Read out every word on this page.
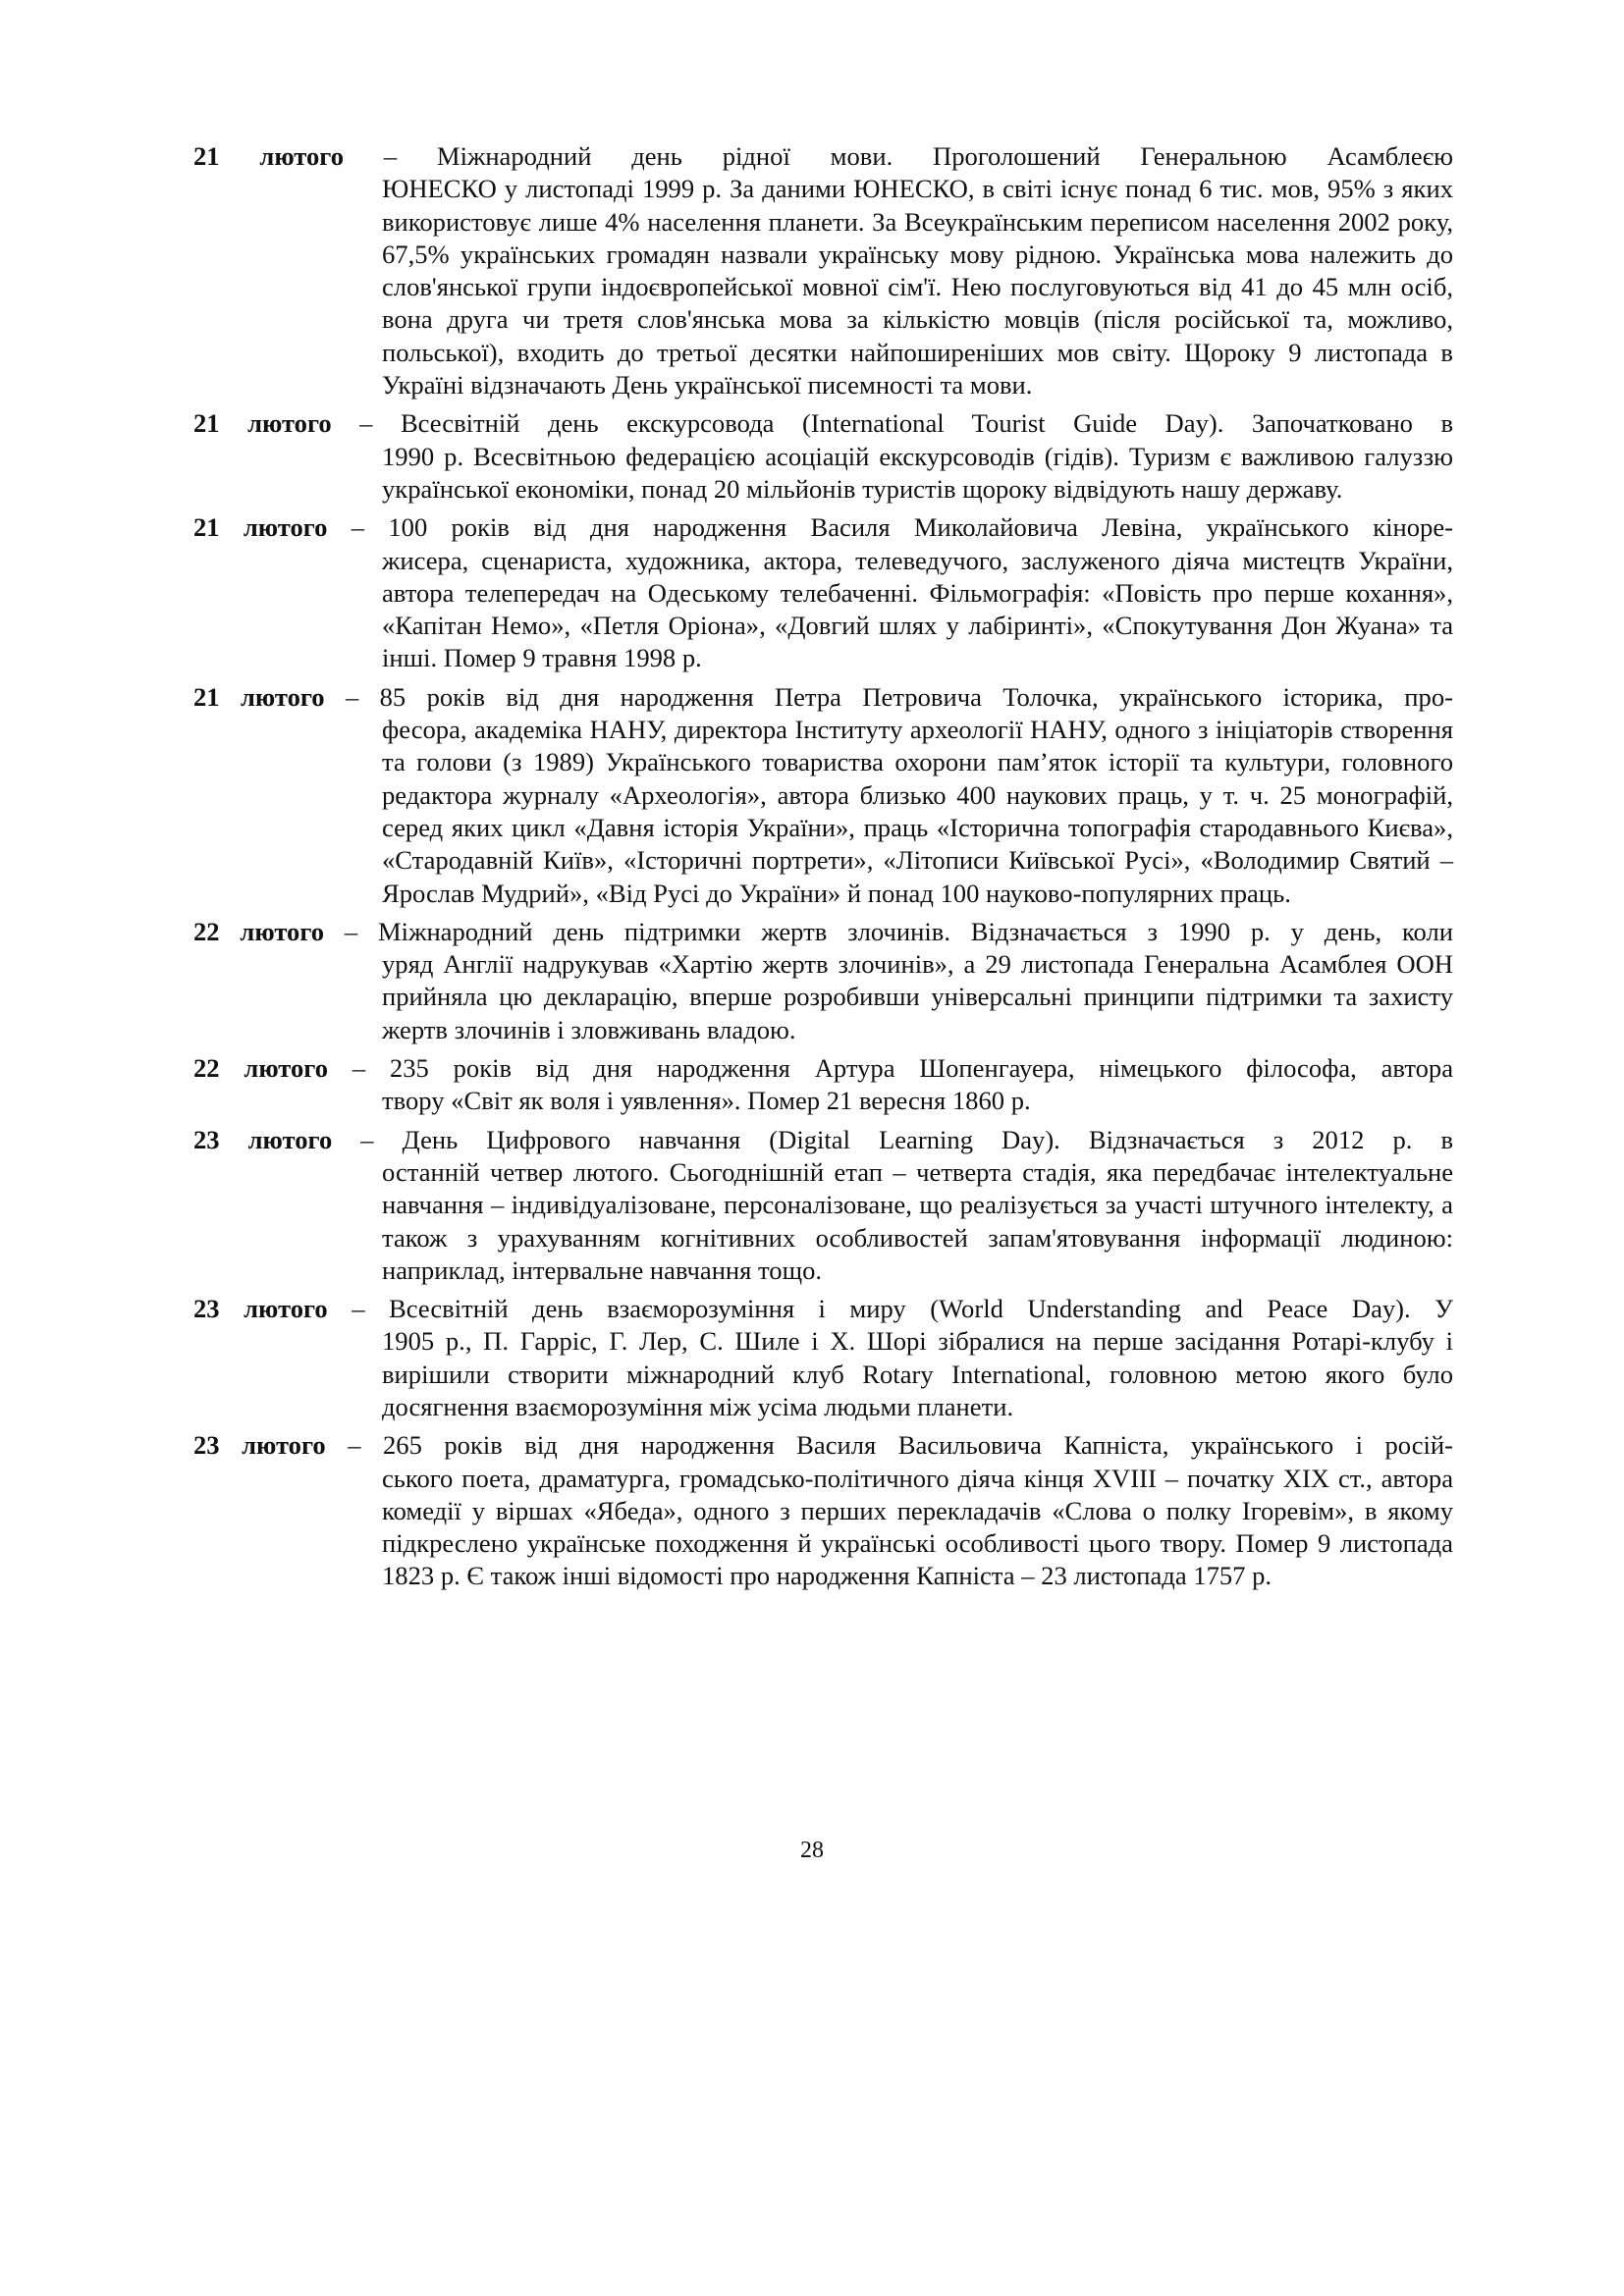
21 лютого – Міжнародний день рідної мови. Проголошений Генеральною Асамблеєю
ЮНЕСКО у листопаді 1999 р. За даними ЮНЕСКО, в світі існує понад 6 тис. мов, 95% з яких використовує лише 4% населення планети. За Всеукраїнським переписом населення 2002 року, 67,5% українських громадян назвали українську мову рідною. Українська мова належить до слов'янської групи індоєвропейської мовної сім'ї. Нею послуговуються від 41 до 45 млн осіб, вона друга чи третя слов'янська мова за кількістю мовців (після російської та, можливо, польської), входить до третьої десятки найпоширеніших мов світу. Щороку 9 листопада в Україні відзначають День української писемності та мови.
21 лютого – Всесвітній день екскурсовода (International Tourist Guide Day). Започатковано в
1990 р. Всесвітньою федерацією асоціацій екскурсоводів (гідів). Туризм є важливою галуззю української економіки, понад 20 мільйонів туристів щороку відвідують нашу державу.
21 лютого – 100 років від дня народження Василя Миколайовича Левіна, українського кіноре-
жисера, сценариста, художника, актора, телеведучого, заслуженого діяча мистецтв України, автора телепередач на Одеському телебаченні. Фільмографія: «Повість про перше кохання», «Капітан Немо», «Петля Оріона», «Довгий шлях у лабіринті», «Спокутування Дон Жуана» та інші. Помер 9 травня 1998 р.
21 лютого – 85 років від дня народження Петра Петровича Толочка, українського історика, про-
фесора, академіка НАНУ, директора Інституту археології НАНУ, одного з ініціаторів створення та голови (з 1989) Українського товариства охорони пам’яток історії та культури, головного редактора журналу «Археологія», автора близько 400 наукових праць, у т. ч. 25 монографій, серед яких цикл «Давня історія України», праць «Історична топографія стародавнього Києва», «Стародавній Київ», «Історичні портрети», «Літописи Київської Русі», «Володимир Святий – Ярослав Мудрий», «Від Русі до України» й понад 100 науково-популярних праць.
22 лютого – Міжнародний день підтримки жертв злочинів. Відзначається з 1990 р. у день, коли
уряд Англії надрукував «Хартію жертв злочинів», а 29 листопада Генеральна Асамблея ООН прийняла цю декларацію, вперше розробивши універсальні принципи підтримки та захисту жертв злочинів і зловживань владою.
22 лютого – 235 років від дня народження Артура Шопенгауера, німецького філософа, автора
твору «Світ як воля і уявлення». Помер 21 вересня 1860 р.
23 лютого – День Цифрового навчання (Digital Learning Day). Відзначається з 2012 р. в
останній четвер лютого. Сьогоднішній етап – четверта стадія, яка передбачає інтелектуальне навчання – індивідуалізоване, персоналізоване, що реалізується за участі штучного інтелекту, а також з урахуванням когнітивних особливостей запам'ятовування інформації людиною: наприклад, інтервальне навчання тощо.
23 лютого – Всесвітній день взаєморозуміння і миру (World Understanding and Peace Day). У
1905 р., П. Гарріс, Г. Лер, С. Шиле і Х. Шорі зібралися на перше засідання Ротарі-клубу і вирішили створити міжнародний клуб Rotary International, головною метою якого було досягнення взаєморозуміння між усіма людьми планети.
23 лютого – 265 років від дня народження Василя Васильовича Капніста, українського і росій-
ського поета, драматурга, громадсько-політичного діяча кінця XVIII – початку XIX ст., автора комедії у віршах «Ябеда», одного з перших перекладачів «Слова о полку Ігоревім», в якому підкреслено українське походження й українські особливості цього твору. Помер 9 листопада 1823 р. Є також інші відомості про народження Капніста – 23 листопада 1757 р.
28
